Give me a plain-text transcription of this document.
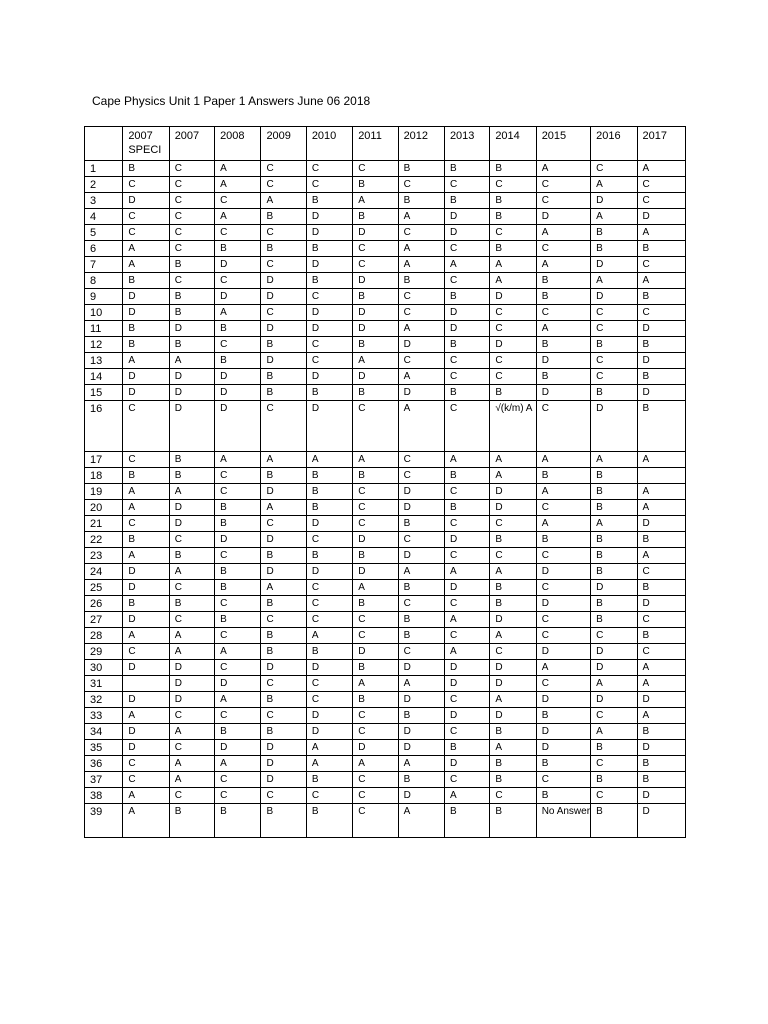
Cape Physics Unit 1 Paper 1 Answers June 06 2018
	2007 SPECI	2007	2008	2009	2010	2011	2012	2013	2014	2015	2016	2017
1	B	C	A	C	C	C	B	B	B	A	C	A
2	C	C	A	C	C	B	C	C	C	C	A	C
3	D	C	C	A	B	A	B	B	B	C	D	C
4	C	C	A	B	D	B	A	D	B	D	A	D
5	C	C	C	C	D	D	C	D	C	A	B	A
6	A	C	B	B	B	C	A	C	B	C	B	B
7	A	B	D	C	D	C	A	A	A	A	D	C
8	B	C	C	D	B	D	B	C	A	B	A	A
9	D	B	D	D	C	B	C	B	D	B	D	B
10	D	B	A	C	D	D	C	D	C	C	C	C
11	B	D	B	D	D	D	A	D	C	A	C	D
12	B	B	C	B	C	B	D	B	D	B	B	B
13	A	A	B	D	C	A	C	C	C	D	C	D
14	D	D	D	B	D	D	A	C	C	B	C	B
15	D	D	D	B	B	B	D	B	B	D	B	D
16	C	D	D	C	D	C	A	C	√(k/m) A	C	D	B
17	C	B	A	A	A	A	C	A	A	A	A	A
18	B	B	C	B	B	B	C	B	A	B	B	
19	A	A	C	D	B	C	D	C	D	A	B	A
20	A	D	B	A	B	C	D	B	D	C	B	A
21	C	D	B	C	D	C	B	C	C	A	A	D
22	B	C	D	D	C	D	C	D	B	B	B	B
23	A	B	C	B	B	B	D	C	C	C	B	A
24	D	A	B	D	D	D	A	A	A	D	B	C
25	D	C	B	A	C	A	B	D	B	C	D	B
26	B	B	C	B	C	B	C	C	B	D	B	D
27	D	C	B	C	C	C	B	A	D	C	B	C
28	A	A	C	B	A	C	B	C	A	C	C	B
29	C	A	A	B	B	D	C	A	C	D	D	C
30	D	D	C	D	D	B	D	D	D	A	D	A
31		D	D	C	C	A	A	D	D	C	A	A
32	D	D	A	B	C	B	D	C	A	D	D	D
33	A	C	C	C	D	C	B	D	D	B	C	A
34	D	A	B	B	D	C	D	C	B	D	A	B
35	D	C	D	D	A	D	D	B	A	D	B	D
36	C	A	A	D	A	A	A	D	B	B	C	B
37	C	A	C	D	B	C	B	C	B	C	B	B
38	A	C	C	C	C	C	D	A	C	B	C	D
39	A	B	B	B	B	C	A	B	B	No Answer	B	D
